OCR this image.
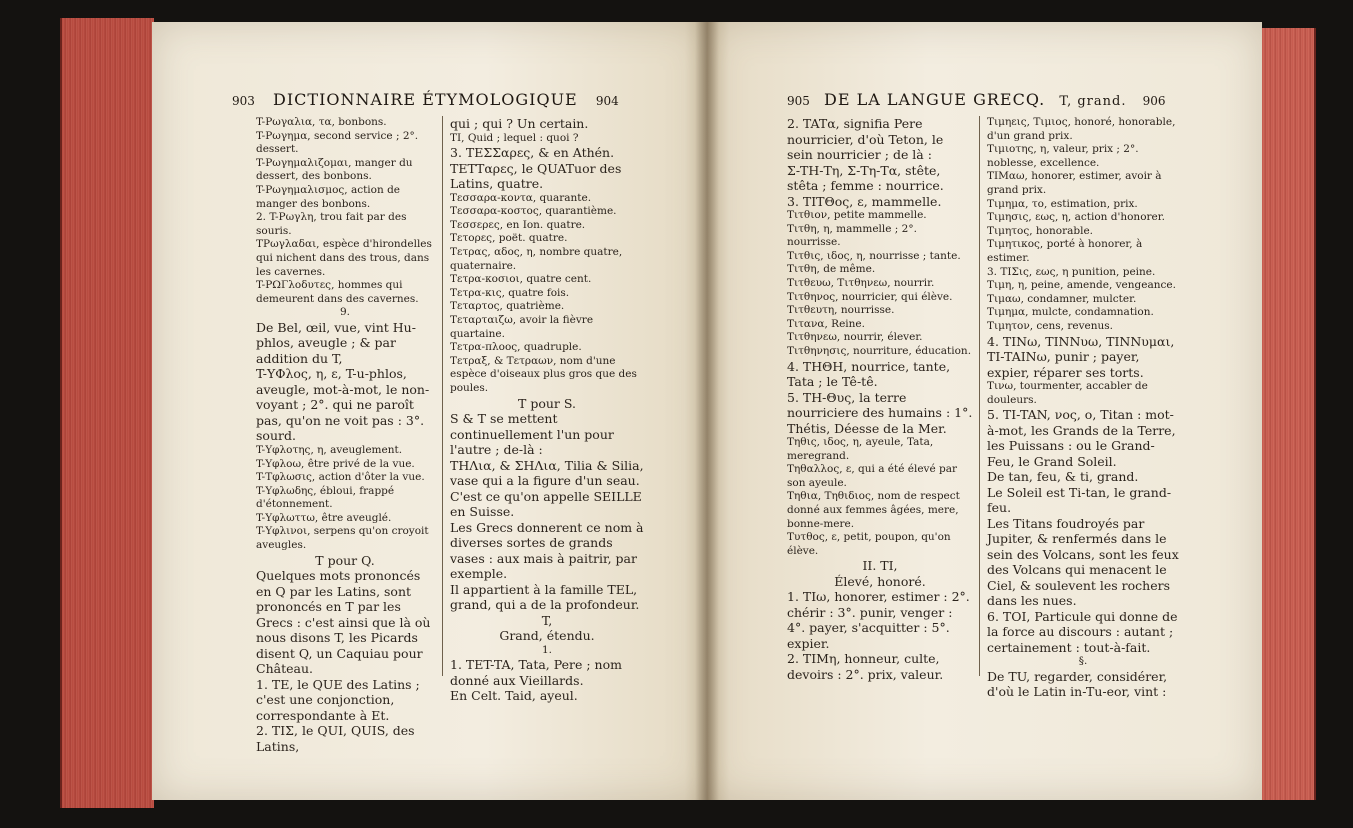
903 DICTIONNAIRE ÉTYMOLOGIQUE 904

T-Ρωγαλια, τα, bonbons.

T-Ρωγημα, second service ; 2°. dessert.

T-Ρωγημαλιζομαι, manger du dessert, des bonbons.

T-Ρωγημαλισμος, action de manger des bonbons.

2. T-Ρωγλη, trou fait par des souris.

TΡωγλαδαι, espèce d'hirondelles qui nichent dans des trous, dans les cavernes.

T-ΡΩΓλοδυτες, hommes qui demeurent dans des cavernes.

9.

De Bel, œil, vue, vint Hu-phlos, aveugle ; & par addition du T,

T-ΥΦλος, η, ε, T-u-phlos, aveugle, mot-à-mot, le non-voyant ; 2°. qui ne paroît pas, qu'on ne voit pas : 3°. sourd.

T-Υφλοτης, η, aveuglement.

T-Υφλοω, être privé de la vue.

T-Τφλωσις, action d'ôter la vue.

T-Υφλωδης, ébloui, frappé d'étonnement.

T-Υφλωττω, être aveuglé.

T-Υφλινοι, serpens qu'on croyoit aveugles.

T pour Q.

Quelques mots prononcés en Q par les Latins, sont prononcés en T par les Grecs : c'est ainsi que là où nous disons T, les Picards disent Q, un Caquiau pour Château.

1. TE, le QUE des Latins ; c'est une conjonction, correspondante à Et.

2. TIΣ, le QUI, QUIS, des Latins,

qui ; qui ? Un certain.

TI, Quid ; lequel : quoi ?

3. TEΣΣαρες, & en Athén. TETTαρες, le QUATuor des Latins, quatre.

Τεσσαρα-κοντα, quarante.

Τεσσαρα-κοστος, quarantième.

Τεσσερες, en Ion. quatre.

Τετορες, poët. quatre.

Τετρας, αδος, η, nombre quatre, quaternaire.

Τετρα-κοσιοι, quatre cent.

Τετρα-κις, quatre fois.

Τεταρτος, quatrième.

Τεταρταιζω, avoir la fièvre quartaine.

Τετρα-πλοος, quadruple.

Τετραξ, & Τετραων, nom d'une espèce d'oiseaux plus gros que des poules.

T pour S.

S & T se mettent continuellement l'un pour l'autre ; de-là :

TΗΛια, & ΣΗΛια, Tilia & Silia, vase qui a la figure d'un seau.

C'est ce qu'on appelle SEILLE en Suisse.

Les Grecs donnerent ce nom à diverses sortes de grands vases : aux mais à paitrir, par exemple.

Il appartient à la famille TEL, grand, qui a de la profondeur.

T,

Grand, étendu.

1.

1. TET-TA, Tata, Pere ; nom donné aux Vieillards.

En Celt. Taid, ayeul.

905 DE LA LANGUE GRECQ. T, grand. 906

2. TATα, signifia Pere nourricier, d'où Teton, le sein nourricier ; de là :

Σ-ΤΗ-Τη, Σ-Τη-Τα, stête, stêta ; femme : nourrice.

3. TITΘος, ε, mammelle.

Τιτθιον, petite mammelle.

Τιτθη, η, mammelle ; 2°. nourrisse.

Τιτθις, ιδος, η, nourrisse ; tante.

Τιτθη, de même.

Τιτθευω, Τιτθηνεω, nourrir.

Τιτθηνος, nourricier, qui élève.

Τιτθευτη, nourrisse.

Τιτανα, Reine.

Τιτθηνεω, nourrir, élever.

Τιτθηνησις, nourriture, éducation.

4. THΘΗ, nourrice, tante, Tata ; le Tê-tê.

5. TH-Θυς, la terre nourriciere des humains : 1°. Thétis, Déesse de la Mer.

Τηθις, ιδος, η, ayeule, Tata, meregrand.

Τηθαλλος, ε, qui a été élevé par son ayeule.

Τηθια, Τηθιδιος, nom de respect donné aux femmes âgées, mere, bonne-mere.

Τυτθος, ε, petit, poupon, qu'on élève.

II. TI,

Élevé, honoré.

1. TIω, honorer, estimer : 2°. chérir : 3°. punir, venger : 4°. payer, s'acquitter : 5°. expier.

2. TIMη, honneur, culte, devoirs : 2°. prix, valeur.

Τιμηεις, Τιμιος, honoré, honorable, d'un grand prix.

Τιμιοτης, η, valeur, prix ; 2°. noblesse, excellence.

TIMαω, honorer, estimer, avoir à grand prix.

Τιμημα, το, estimation, prix.

Τιμησις, εως, η, action d'honorer.

Τιμητος, honorable.

Τιμητικος, porté à honorer, à estimer.

3. TIΣις, εως, η punition, peine.

Τιμη, η, peine, amende, vengeance.

Τιμαω, condamner, mulcter.

Τιμημα, mulcte, condamnation.

Τιμητον, cens, revenus.

4. TINω, TINNυω, TINNυμαι, TI-TAINω, punir ; payer, expier, réparer ses torts.

Τινω, tourmenter, accabler de douleurs.

5. TI-TAN, νος, ο, Titan : mot-à-mot, les Grands de la Terre, les Puissans : ou le Grand-Feu, le Grand Soleil.

De tan, feu, & ti, grand.

Le Soleil est Ti-tan, le grand-feu.

Les Titans foudroyés par Jupiter, & renfermés dans le sein des Volcans, sont les feux des Volcans qui menacent le Ciel, & soulevent les rochers dans les nues.

6. TOI, Particule qui donne de la force au discours : autant ; certainement : tout-à-fait.

§.

De TU, regarder, considérer, d'où le Latin in-Tu-eor, vint :
